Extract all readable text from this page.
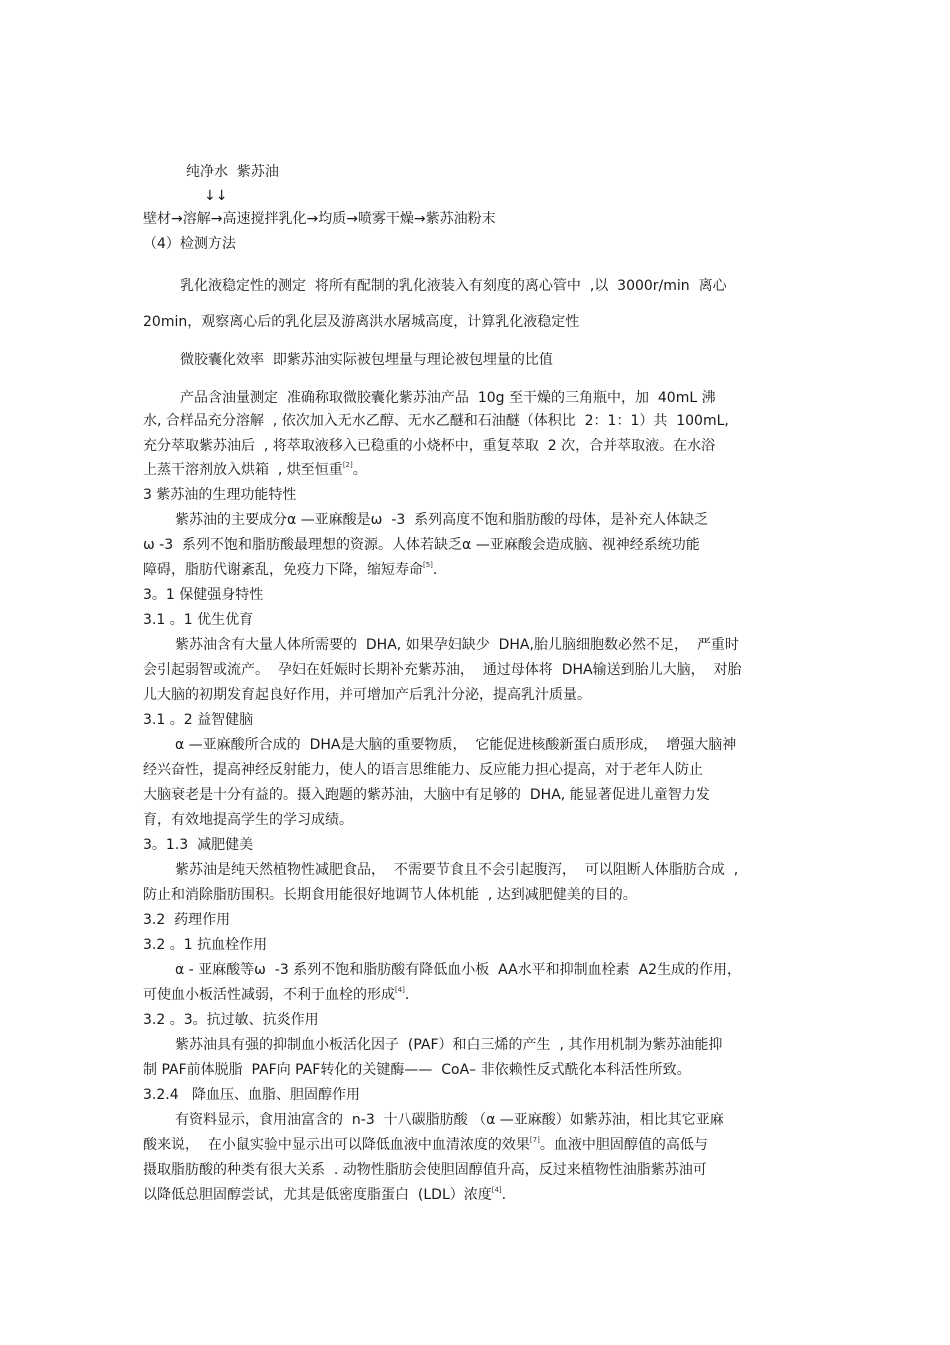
纯净水 紫苏油
↓↓
壁材→溶解→高速搅拌乳化→均质→喷雾干燥→紫苏油粉末
（4）检测方法
乳化液稳定性的测定 将所有配制的乳化液装入有刻度的离心管中 ,以  3000r/min  离心
20min，观察离心后的乳化层及游离洪水屠城高度，计算乳化液稳定性
微胶囊化效率 即紫苏油实际被包埋量与理论被包埋量的比值
产品含油量测定 准确称取微胶囊化紫苏油产品 10g 至干燥的三角瓶中，加 40mL 沸
水, 合样品充分溶解 , 依次加入无水乙醇、无水乙醚和石油醚（体积比 2：1：1）共  100mL,
充分萃取紫苏油后 , 将萃取液移入已稳重的小烧杯中，重复萃取 2 次，合并萃取液。在水浴
上蒸干溶剂放入烘箱 , 烘至恒重[2]。
3 紫苏油的生理功能特性
紫苏油的主要成分α —亚麻酸是ω -3  系列高度不饱和脂肪酸的母体，是补充人体缺乏
ω -3  系列不饱和脂肪酸最理想的资源。人体若缺乏α —亚麻酸会造成脑、视神经系统功能
障碍，脂肪代谢紊乱，免疫力下降，缩短寿命[5].
3。1 保健强身特性
3.1 。1 优生优育
紫苏油含有大量人体所需要的 DHA, 如果孕妇缺少 DHA,胎儿脑细胞数必然不足， 严重时
会引起弱智或流产。 孕妇在妊娠时长期补充紫苏油， 通过母体将 DHA输送到胎儿大脑， 对胎
儿大脑的初期发育起良好作用，并可增加产后乳汁分泌，提高乳汁质量。
3.1 。2 益智健脑
α —亚麻酸所合成的 DHA是大脑的重要物质， 它能促进核酸新蛋白质形成， 增强大脑神
经兴奋性，提高神经反射能力，使人的语言思维能力、反应能力担心提高，对于老年人防止
大脑衰老是十分有益的。摄入跑题的紫苏油，大脑中有足够的 DHA, 能显著促进儿童智力发
育，有效地提高学生的学习成绩。
3。1.3  减肥健美
紫苏油是纯天然植物性减肥食品， 不需要节食且不会引起腹泻， 可以阻断人体脂肪合成 ,
防止和消除脂肪围积。长期食用能很好地调节人体机能 , 达到减肥健美的目的。
3.2  药理作用
3.2 。1 抗血栓作用
α - 亚麻酸等ω  -3 系列不饱和脂肪酸有降低血小板 AA水平和抑制血栓素 A2生成的作用，
可使血小板活性减弱，不利于血栓的形成[4].
3.2 。3。抗过敏、抗炎作用
紫苏油具有强的抑制血小板活化因子 (PAF）和白三烯的产生 , 其作用机制为紫苏油能抑
制 PAF前体脱脂  PAF向 PAF转化的关键酶—— CoA– 非依赖性反式酰化本科活性所致。
3.2.4   降血压、血脂、胆固醇作用
有资料显示，食用油富含的 n-3  十八碳脂肪酸 （α —亚麻酸）如紫苏油，相比其它亚麻
酸来说，  在小鼠实验中显示出可以降低血液中血清浓度的效果[7]。血液中胆固醇值的高低与
摄取脂肪酸的种类有很大关系 . 动物性脂肪会使胆固醇值升高，反过来植物性油脂紫苏油可
以降低总胆固醇尝试，尤其是低密度脂蛋白 (LDL）浓度[4].
